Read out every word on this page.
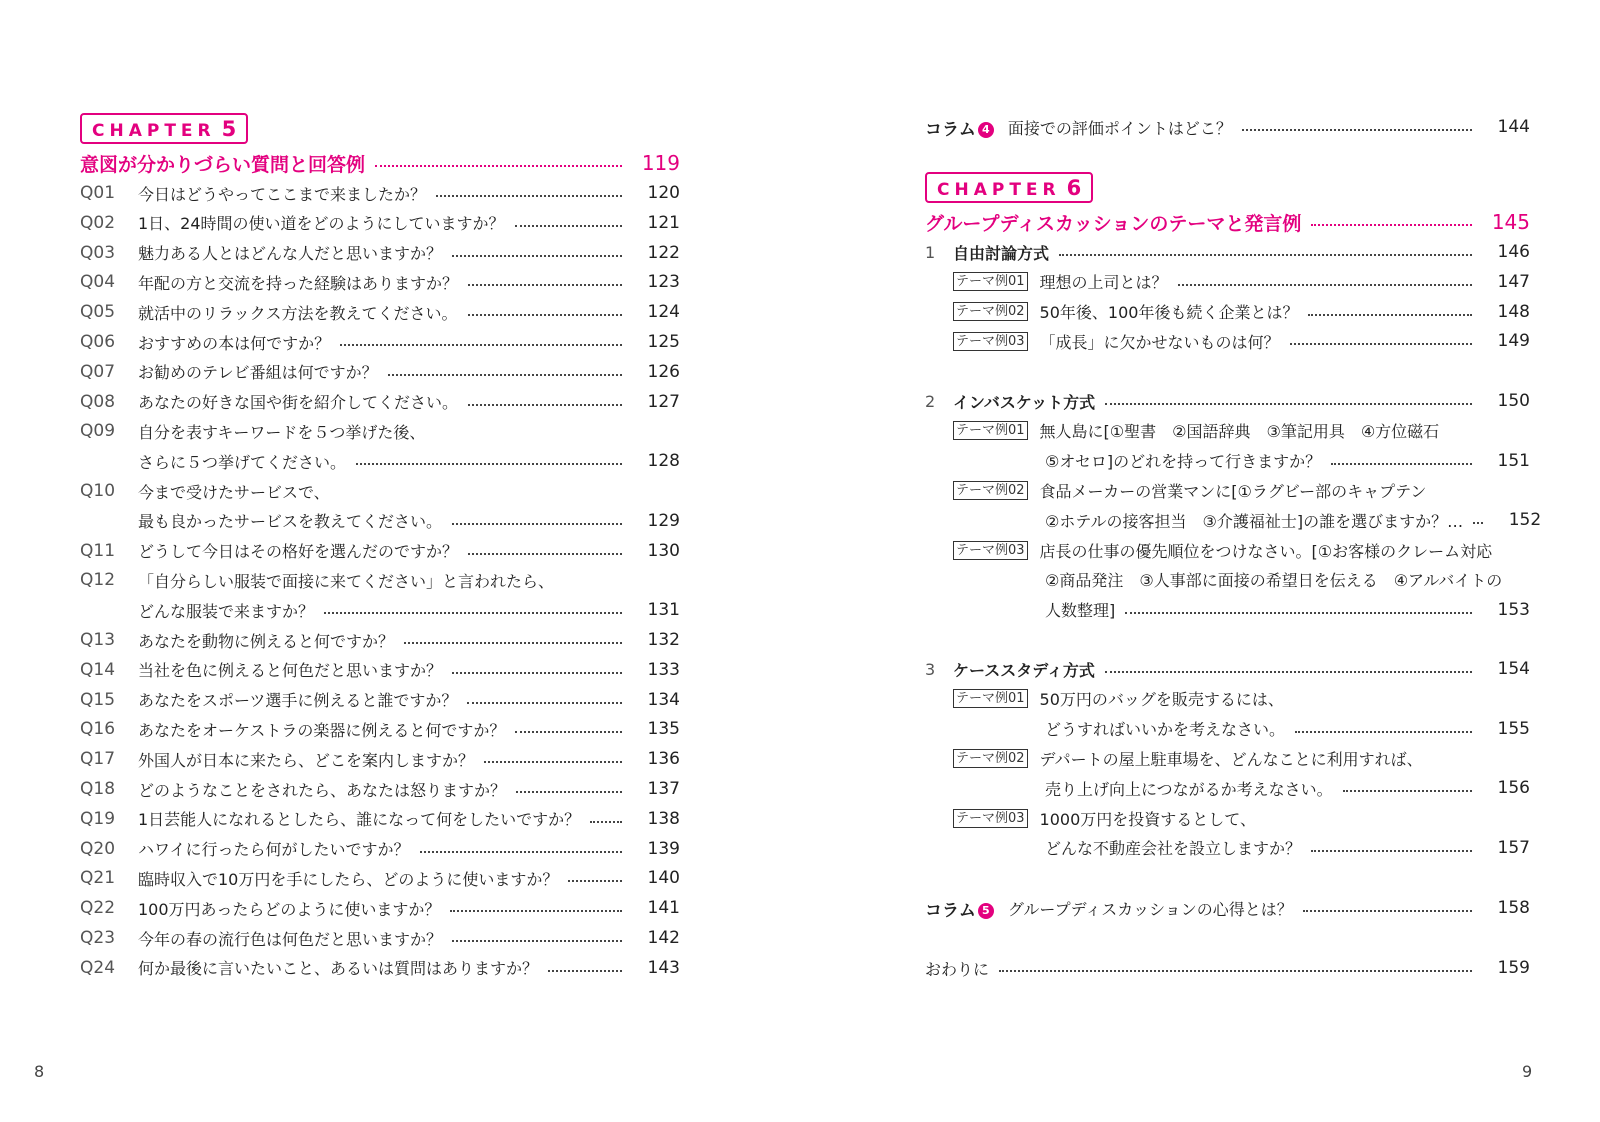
CHAPTER 5
意図が分かりづらい質問と回答例	119
Q01	今日はどうやってここまで来ましたか？	120
Q02	1日、24時間の使い道をどのようにしていますか？	121
Q03	魅力ある人とはどんな人だと思いますか？	122
Q04	年配の方と交流を持った経験はありますか？	123
Q05	就活中のリラックス方法を教えてください。	124
Q06	おすすめの本は何ですか？	125
Q07	お勧めのテレビ番組は何ですか？	126
Q08	あなたの好きな国や街を紹介してください。	127
Q09	自分を表すキーワードを５つ挙げた後、
さらに５つ挙げてください。	128
Q10	今まで受けたサービスで、
最も良かったサービスを教えてください。	129
Q11	どうして今日はその格好を選んだのですか？	130
Q12	「自分らしい服装で面接に来てください」と言われたら、
どんな服装で来ますか？	131
Q13	あなたを動物に例えると何ですか？	132
Q14	当社を色に例えると何色だと思いますか？	133
Q15	あなたをスポーツ選手に例えると誰ですか？	134
Q16	あなたをオーケストラの楽器に例えると何ですか？	135
Q17	外国人が日本に来たら、どこを案内しますか？	136
Q18	どのようなことをされたら、あなたは怒りますか？	137
Q19	1日芸能人になれるとしたら、誰になって何をしたいですか？	138
Q20	ハワイに行ったら何がしたいですか？	139
Q21	臨時収入で10万円を手にしたら、どのように使いますか？	140
Q22	100万円あったらどのように使いますか？	141
Q23	今年の春の流行色は何色だと思いますか？	142
Q24	何か最後に言いたいこと、あるいは質問はありますか？	143
8
コラム 4	面接での評価ポイントはどこ？	144
CHAPTER 6
グループディスカッションのテーマと発言例	145
1	自由討論方式	146
テーマ例01 理想の上司とは？	147
テーマ例02 50年後、100年後も続く企業とは？	148
テーマ例03 「成長」に欠かせないものは何？	149
2	インバスケット方式	150
テーマ例01 無人島に[①聖書　②国語辞典　③筆記用具　④方位磁石
⑤オセロ]のどれを持って行きますか？	151
テーマ例02 食品メーカーの営業マンに[①ラグビー部のキャプテン
②ホテルの接客担当　③介護福祉士]の誰を選びますか？…	152
テーマ例03 店長の仕事の優先順位をつけなさい。[①お客様のクレーム対応
②商品発注　③人事部に面接の希望日を伝える　④アルバイトの
人数整理]	153
3	ケーススタディ方式	154
テーマ例01 50万円のバッグを販売するには、
どうすればいいかを考えなさい。	155
テーマ例02 デパートの屋上駐車場を、どんなことに利用すれば、
売り上げ向上につながるか考えなさい。	156
テーマ例03 1000万円を投資するとして、
どんな不動産会社を設立しますか？	157
コラム 5	グループディスカッションの心得とは？	158
おわりに	159
9
